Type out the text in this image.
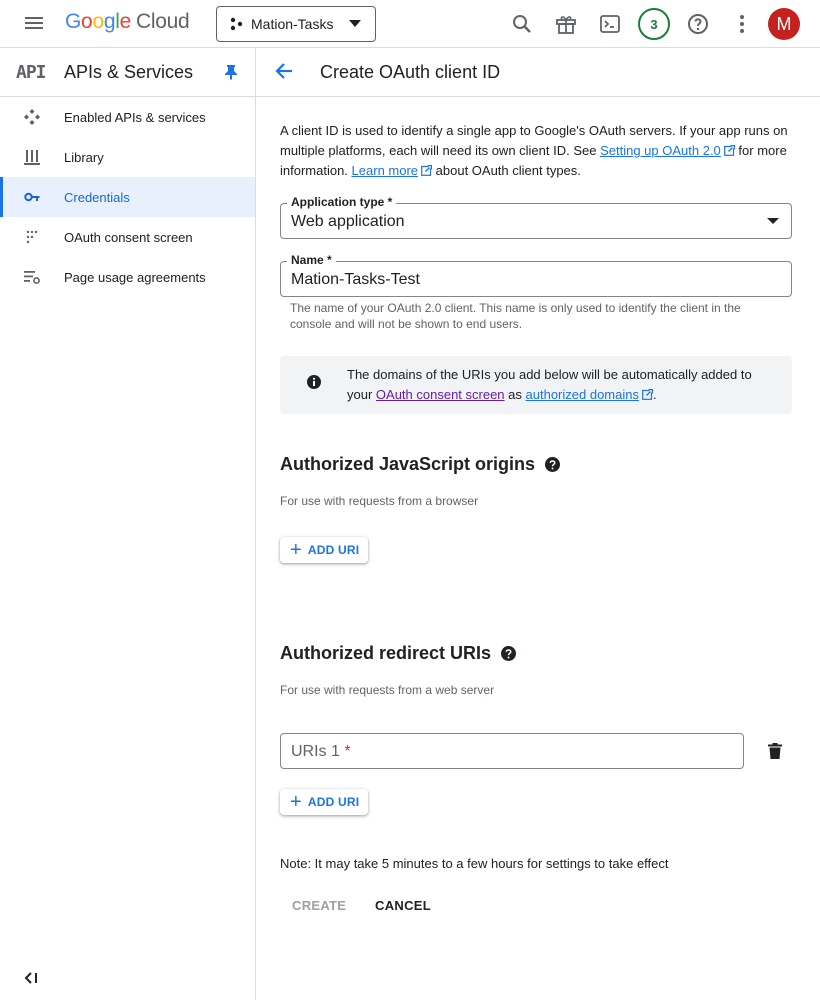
Google Cloud	Mation-Tasks	3	M
API APIs & Services
Enabled APIs & services
Library
Credentials
OAuth consent screen
Page usage agreements
Create OAuth client ID

A client ID is used to identify a single app to Google's OAuth servers. If your app runs on multiple platforms, each will need its own client ID. See Setting up OAuth 2.0 for more information. Learn more about OAuth client types.

Application type *
Web application
Name *
Mation-Tasks-Test
The name of your OAuth 2.0 client. This name is only used to identify the client in the console and will not be shown to end users.
The domains of the URIs you add below will be automatically added to your OAuth consent screen as authorized domains .
Authorized JavaScript origins
For use with requests from a browser
+ ADD URI
Authorized redirect URIs
For use with requests from a web server
URIs 1 *
+ ADD URI
Note: It may take 5 minutes to a few hours for settings to take effect
CREATE CANCEL
